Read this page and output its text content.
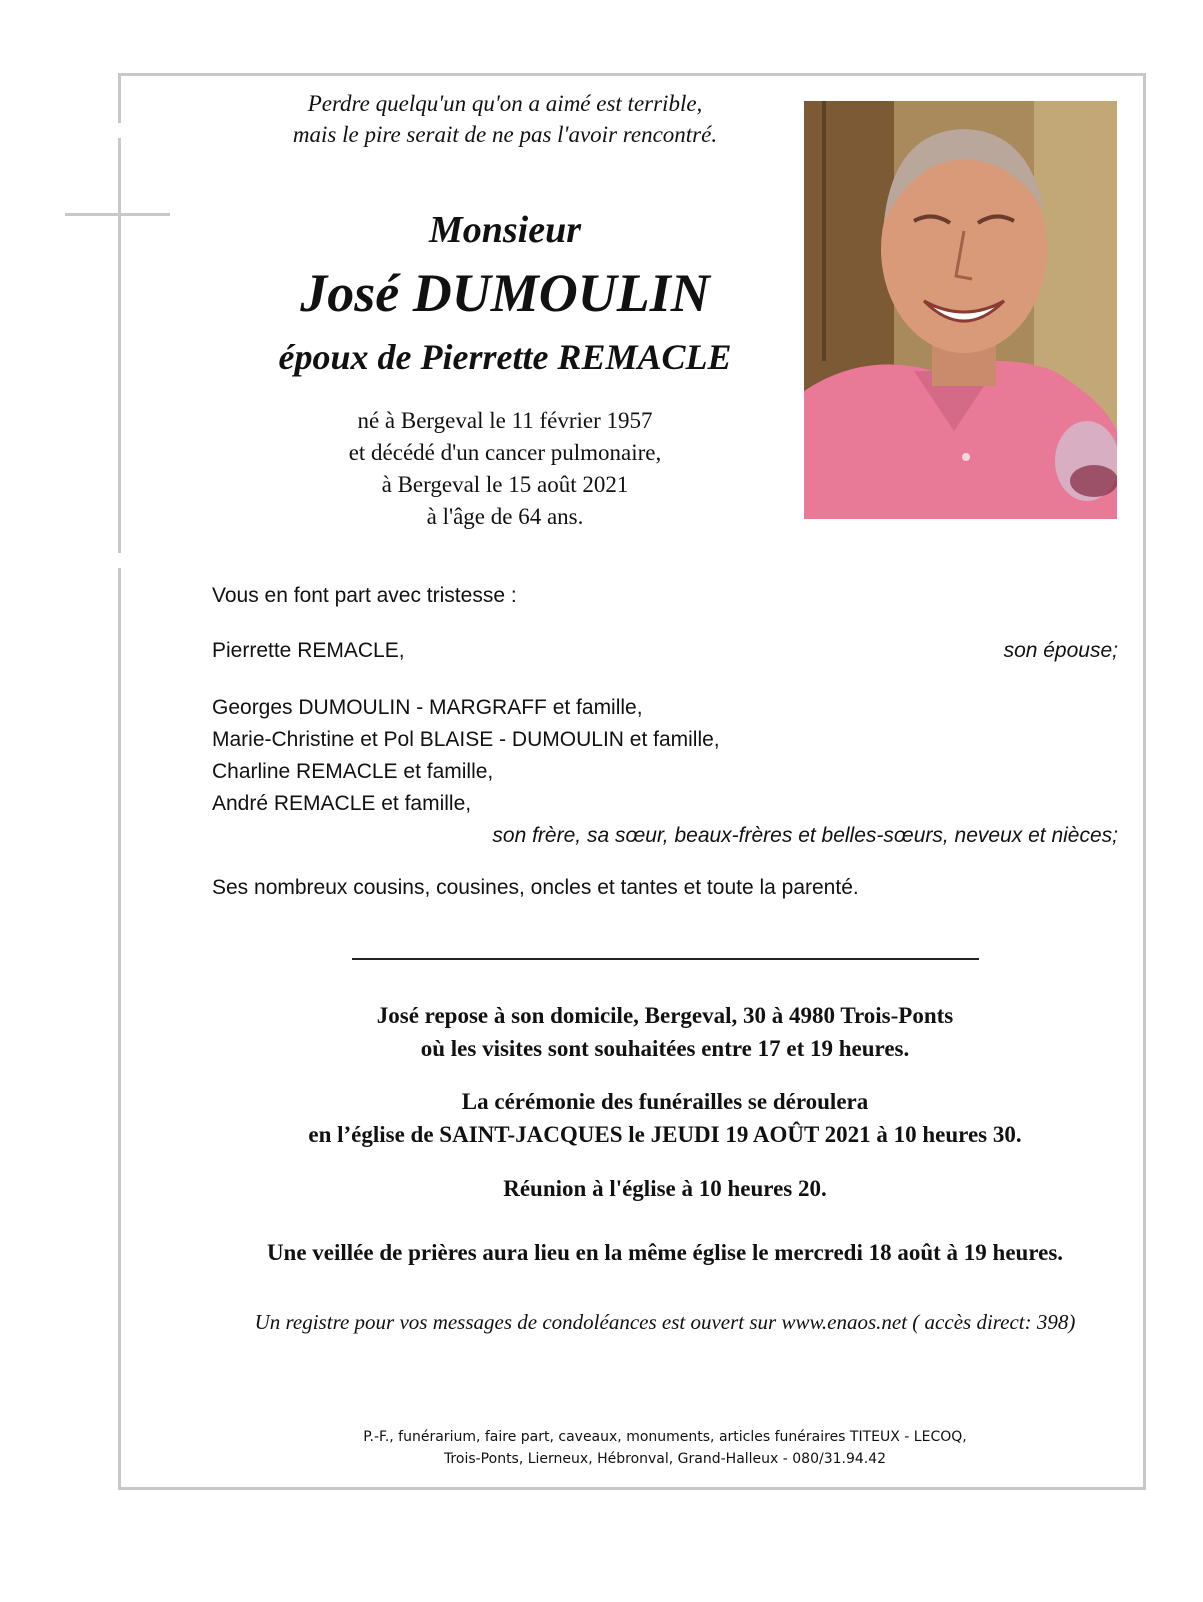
Perdre quelqu'un qu'on a aimé est terrible,
mais le pire serait de ne pas l'avoir rencontré.
Monsieur
José DUMOULIN
époux de Pierrette REMACLE
né à Bergeval le 11 février 1957
et décédé d'un cancer pulmonaire,
à Bergeval le 15 août 2021
à l'âge de 64 ans.
Vous en font part avec tristesse :
Pierrette REMACLE,	son épouse;
Georges DUMOULIN - MARGRAFF et famille,
Marie-Christine et Pol BLAISE - DUMOULIN et famille,
Charline REMACLE et famille,
André REMACLE et famille,
son frère, sa sœur, beaux-frères et belles-sœurs, neveux et nièces;
Ses nombreux cousins, cousines, oncles et tantes et toute la parenté.
José repose à son domicile, Bergeval, 30 à 4980 Trois-Ponts
où les visites sont souhaitées entre 17 et 19 heures.
La cérémonie des funérailles se déroulera
en l’église de SAINT-JACQUES le JEUDI 19 AOÛT 2021 à 10 heures 30.
Réunion à l'église à 10 heures 20.
Une veillée de prières aura lieu en la même église le mercredi 18 août à 19 heures.
Un registre pour vos messages de condoléances est ouvert sur www.enaos.net ( accès direct: 398)
P.-F., funérarium, faire part, caveaux, monuments, articles funéraires TITEUX - LECOQ,
Trois-Ponts, Lierneux, Hébronval, Grand-Halleux - 080/31.94.42
